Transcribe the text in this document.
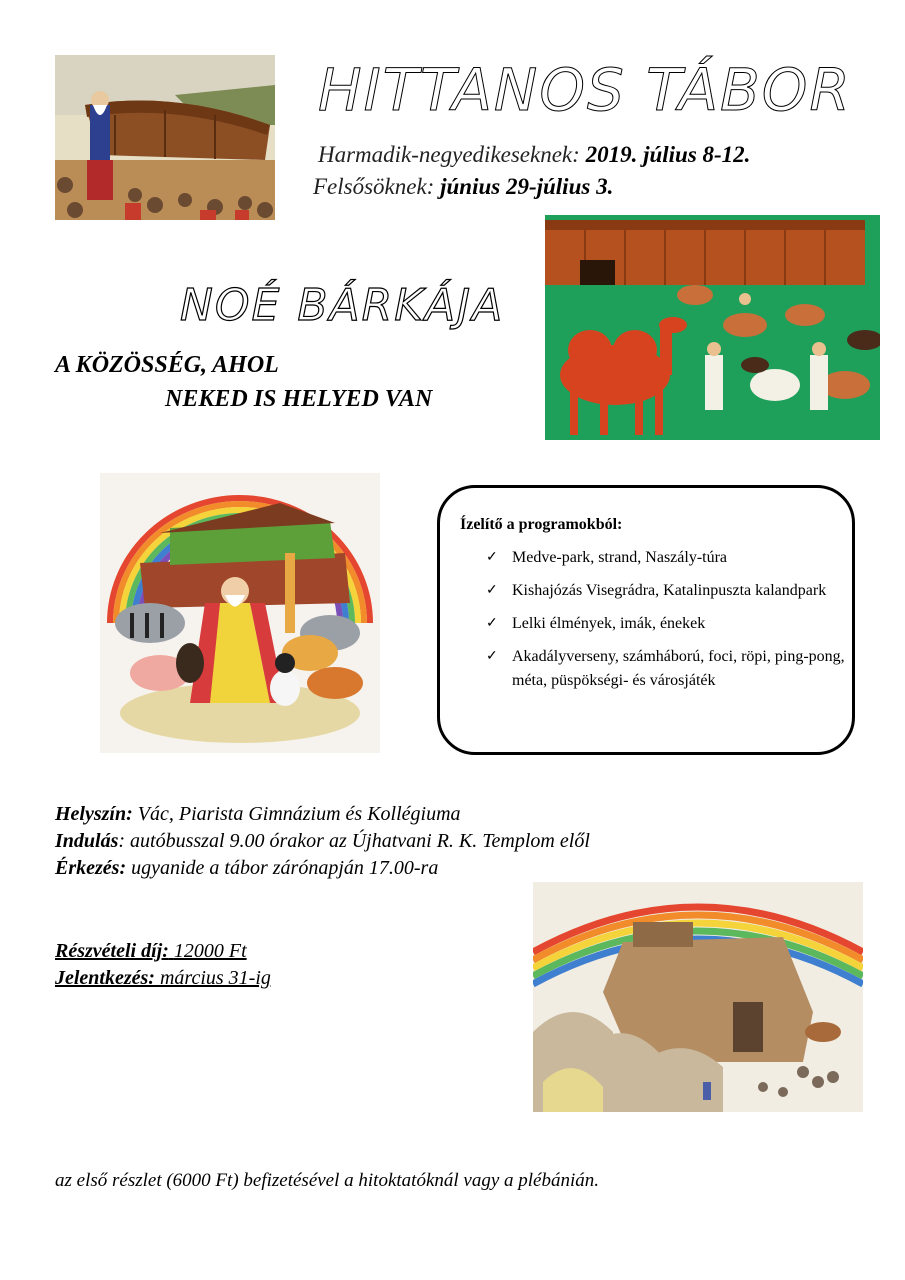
HITTANOS TÁBOR
Harmadik-negyedikeseknek: 2019. július 8-12.
Felsősöknek: június 29-július 3.
NOÉ BÁRKÁJA
A KÖZÖSSÉG, AHOL
NEKED IS HELYED VAN
Ízelítő a programokból:
✓ Medve-park, strand, Naszály-túra
✓ Kishajózás Visegrádra, Katalinpuszta kalandpark
✓ Lelki élmények, imák, énekek
✓ Akadályverseny, számháború, foci, röpi, ping-pong, méta, püspökségi- és városjáték
Helyszín: Vác, Piarista Gimnázium és Kollégiuma
Indulás: autóbusszal 9.00 órakor az Újhatvani R. K. Templom elől
Érkezés: ugyanide a tábor zárónapján 17.00-ra
Részvételi díj: 12000 Ft
Jelentkezés: március 31-ig
az első részlet (6000 Ft) befizetésével a hitoktatóknál vagy a plébánián.
